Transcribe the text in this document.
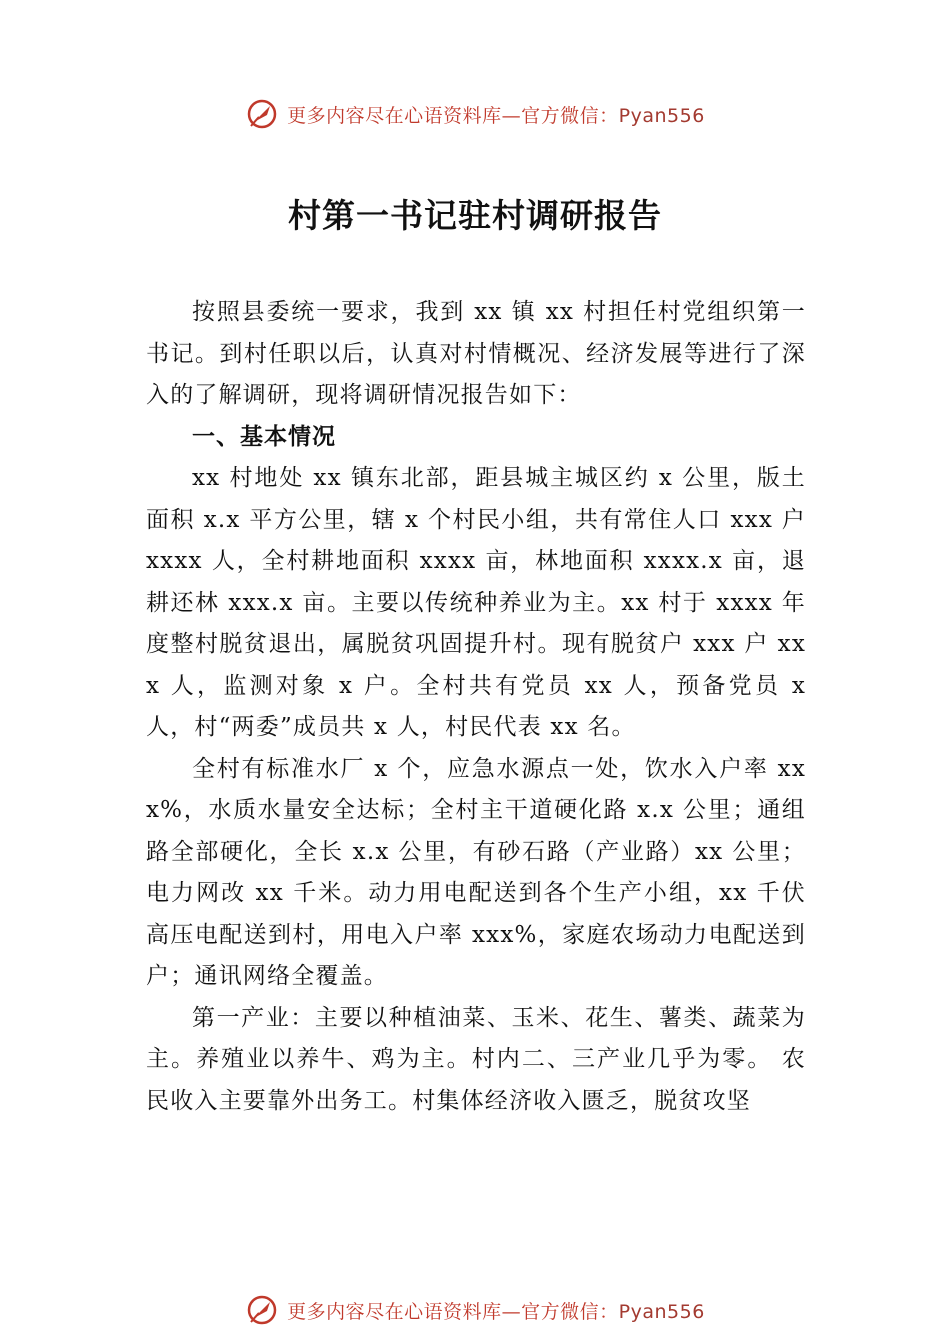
更多内容尽在心语资料库—官方微信：Pyan556
村第一书记驻村调研报告

按照县委统一要求，我到 xx 镇 xx 村担任村党组织第一书记。到村任职以后，认真对村情概况、经济发展等进行了深入的了解调研，现将调研情况报告如下：

一、基本情况

xx 村地处 xx 镇东北部，距县城主城区约 x 公里，版土面积 x.x 平方公里，辖 x 个村民小组，共有常住人口 xxx 户 xxxx 人，全村耕地面积 xxxx 亩，林地面积 xxxx.x 亩，退耕还林 xxx.x 亩。主要以传统种养业为主。xx 村于 xxxx 年度整村脱贫退出，属脱贫巩固提升村。现有脱贫户 xxx 户 xxx 人，监测对象 x 户。全村共有党员 xx 人，预备党员 x 人，村“两委”成员共 x 人，村民代表 xx 名。

全村有标准水厂 x 个，应急水源点一处，饮水入户率 xxx%，水质水量安全达标；全村主干道硬化路 x.x 公里；通组路全部硬化，全长 x.x 公里，有砂石路（产业路）xx 公里；电力网改 xx 千米。动力用电配送到各个生产小组，xx 千伏高压电配送到村，用电入户率 xxx%，家庭农场动力电配送到户；通讯网络全覆盖。

第一产业：主要以种植油菜、玉米、花生、薯类、蔬菜为主。养殖业以养牛、鸡为主。村内二、三产业几乎为零。 农民收入主要靠外出务工。村集体经济收入匮乏，脱贫攻坚

更多内容尽在心语资料库—官方微信：Pyan556
